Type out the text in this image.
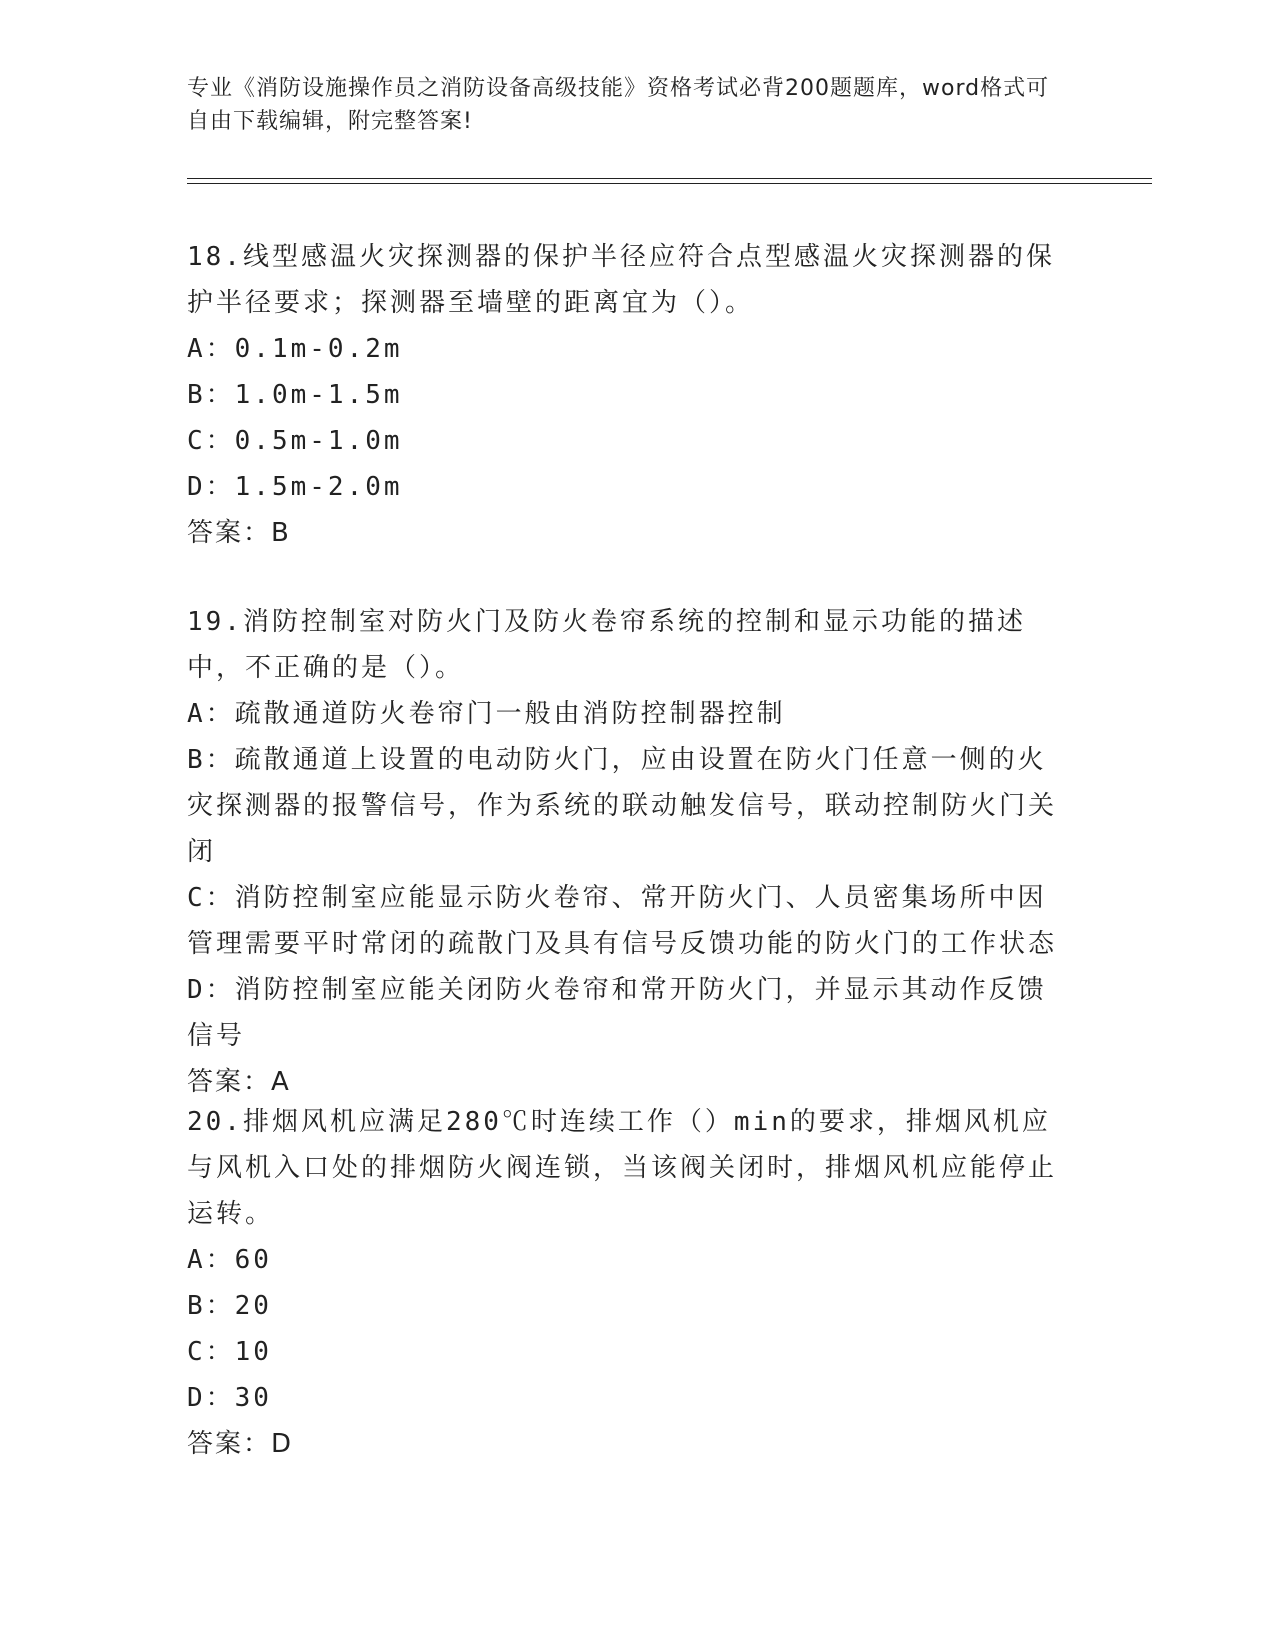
专业《消防设施操作员之消防设备高级技能》资格考试必背200题题库，word格式可自由下载编辑，附完整答案!

18.线型感温火灾探测器的保护半径应符合点型感温火灾探测器的保护半径要求；探测器至墙壁的距离宜为（）。

A：0.1m-0.2m

B：1.0m-1.5m

C：0.5m-1.0m

D：1.5m-2.0m

答案：B

19.消防控制室对防火门及防火卷帘系统的控制和显示功能的描述中，不正确的是（）。

A：疏散通道防火卷帘门一般由消防控制器控制

B：疏散通道上设置的电动防火门，应由设置在防火门任意一侧的火灾探测器的报警信号，作为系统的联动触发信号，联动控制防火门关闭

C：消防控制室应能显示防火卷帘、常开防火门、人员密集场所中因管理需要平时常闭的疏散门及具有信号反馈功能的防火门的工作状态

D：消防控制室应能关闭防火卷帘和常开防火门，并显示其动作反馈信号

答案：A

20.排烟风机应满足280℃时连续工作（）min的要求，排烟风机应与风机入口处的排烟防火阀连锁，当该阀关闭时，排烟风机应能停止运转。

A：60

B：20

C：10

D：30

答案：D
